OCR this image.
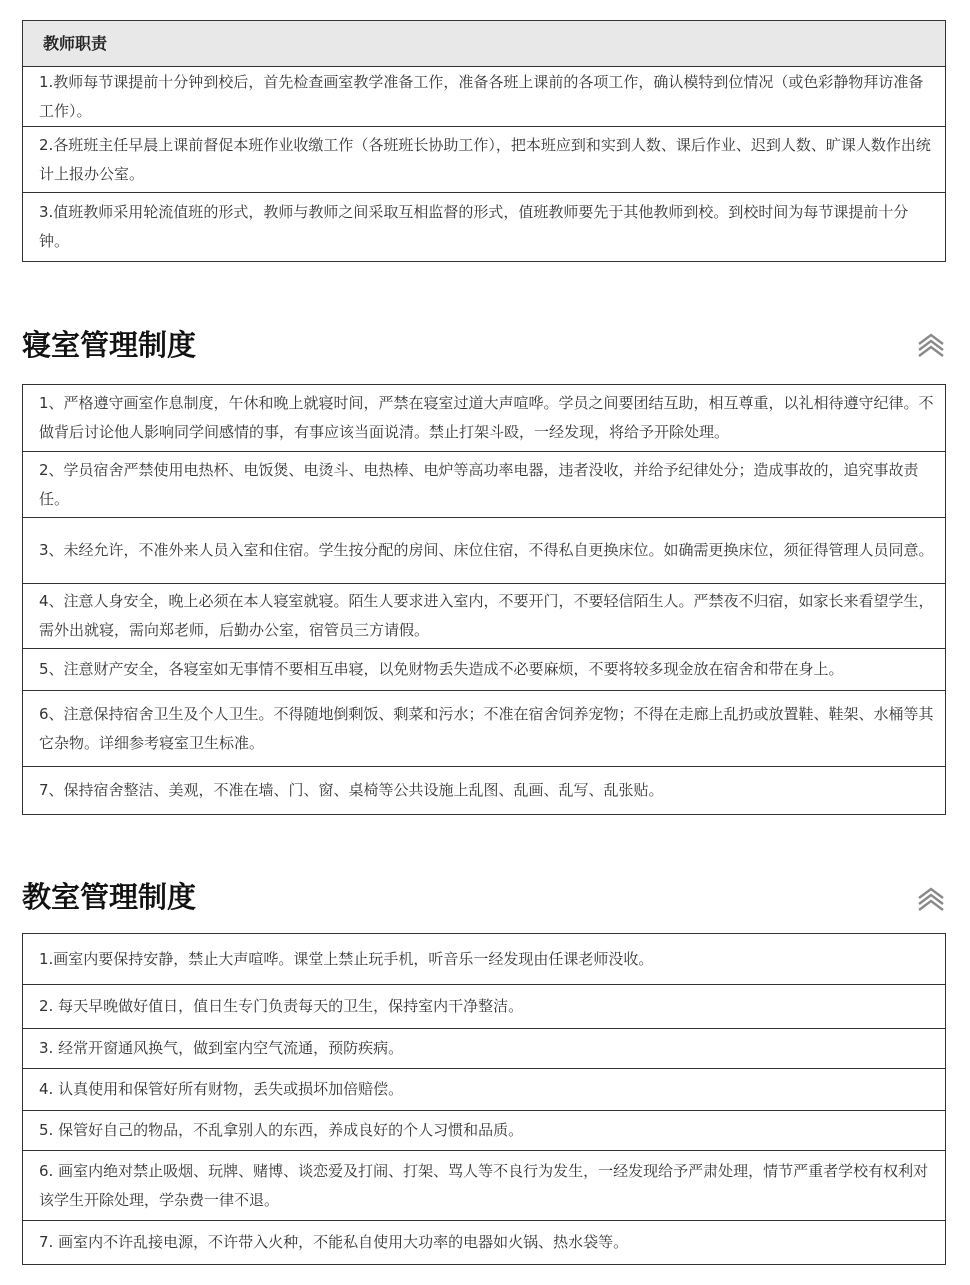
教师职责
1.教师每节课提前十分钟到校后，首先检查画室教学准备工作，准备各班上课前的各项工作，确认模特到位情况（或色彩静物拜访准备工作）。
2.各班班主任早晨上课前督促本班作业收缴工作（各班班长协助工作），把本班应到和实到人数、课后作业、迟到人数、旷课人数作出统计上报办公室。
3.值班教师采用轮流值班的形式，教师与教师之间采取互相监督的形式，值班教师要先于其他教师到校。到校时间为每节课提前十分钟。
寝室管理制度
1、严格遵守画室作息制度，午休和晚上就寝时间，严禁在寝室过道大声喧哗。学员之间要团结互助，相互尊重，以礼相待遵守纪律。不做背后讨论他人影响同学间感情的事，有事应该当面说清。禁止打架斗殴，一经发现，将给予开除处理。
2、学员宿舍严禁使用电热杯、电饭煲、电烫斗、电热棒、电炉等高功率电器，违者没收，并给予纪律处分；造成事故的，追究事故责任。
3、未经允许，不准外来人员入室和住宿。学生按分配的房间、床位住宿，不得私自更换床位。如确需更换床位，须征得管理人员同意。
4、注意人身安全，晚上必须在本人寝室就寝。陌生人要求进入室内，不要开门，不要轻信陌生人。严禁夜不归宿，如家长来看望学生，需外出就寝，需向郑老师，后勤办公室，宿管员三方请假。
5、注意财产安全，各寝室如无事情不要相互串寝，以免财物丢失造成不必要麻烦，不要将较多现金放在宿舍和带在身上。
6、注意保持宿舍卫生及个人卫生。不得随地倒剩饭、剩菜和污水；不准在宿舍饲养宠物；不得在走廊上乱扔或放置鞋、鞋架、水桶等其它杂物。详细参考寝室卫生标准。
7、保持宿舍整洁、美观，不准在墙、门、窗、桌椅等公共设施上乱图、乱画、乱写、乱张贴。
教室管理制度
1.画室内要保持安静，禁止大声喧哗。课堂上禁止玩手机，听音乐一经发现由任课老师没收。
2. 每天早晚做好值日，值日生专门负责每天的卫生，保持室内干净整洁。
3. 经常开窗通风换气，做到室内空气流通，预防疾病。
4. 认真使用和保管好所有财物，丢失或损坏加倍赔偿。
5. 保管好自己的物品，不乱拿别人的东西，养成良好的个人习惯和品质。
6. 画室内绝对禁止吸烟、玩牌、赌博、谈恋爱及打闹、打架、骂人等不良行为发生，一经发现给予严肃处理，情节严重者学校有权利对该学生开除处理，学杂费一律不退。
7. 画室内不许乱接电源，不许带入火种，不能私自使用大功率的电器如火锅、热水袋等。
